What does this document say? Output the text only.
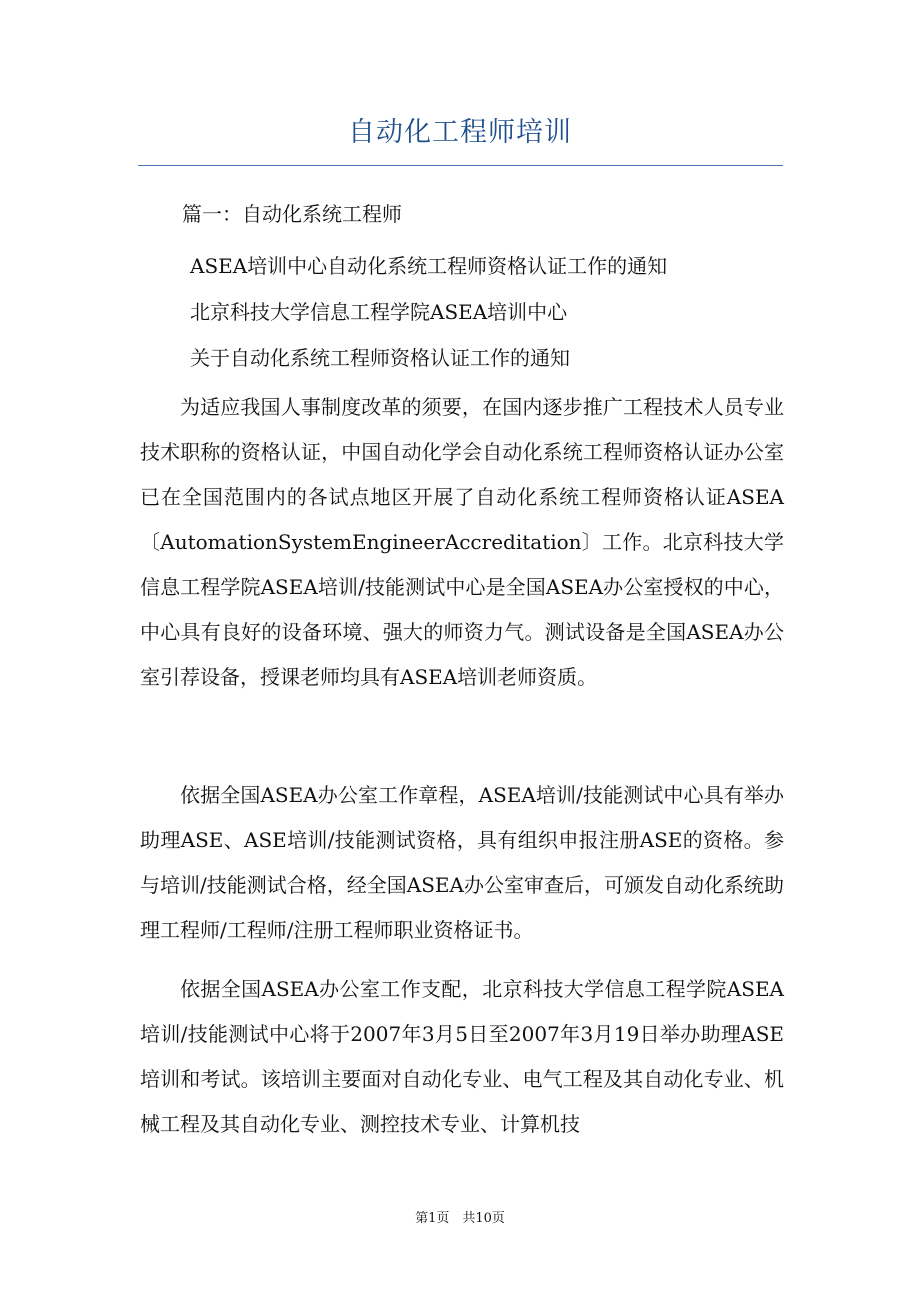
自动化工程师培训
篇一：自动化系统工程师
ASEA培训中心自动化系统工程师资格认证工作的通知
北京科技大学信息工程学院ASEA培训中心
关于自动化系统工程师资格认证工作的通知

为适应我国人事制度改革的须要，在国内逐步推广工程技术人员专业技术职称的资格认证，中国自动化学会自动化系统工程师资格认证办公室已在全国范围内的各试点地区开展了自动化系统工程师资格认证ASEA〔AutomationSystemEngineerAccreditation〕工作。北京科技大学信息工程学院ASEA培训/技能测试中心是全国ASEA办公室授权的中心，中心具有良好的设备环境、强大的师资力气。测试设备是全国ASEA办公室引荐设备，授课老师均具有ASEA培训老师资质。

依据全国ASEA办公室工作章程，ASEA培训/技能测试中心具有举办助理ASE、ASE培训/技能测试资格，具有组织申报注册ASE的资格。参与培训/技能测试合格，经全国ASEA办公室审查后，可颁发自动化系统助理工程师/工程师/注册工程师职业资格证书。

依据全国ASEA办公室工作支配，北京科技大学信息工程学院ASEA培训/技能测试中心将于2007年3月5日至2007年3月19日举办助理ASE培训和考试。该培训主要面对自动化专业、电气工程及其自动化专业、机械工程及其自动化专业、测控技术专业、计算机技

第1页　共10页
